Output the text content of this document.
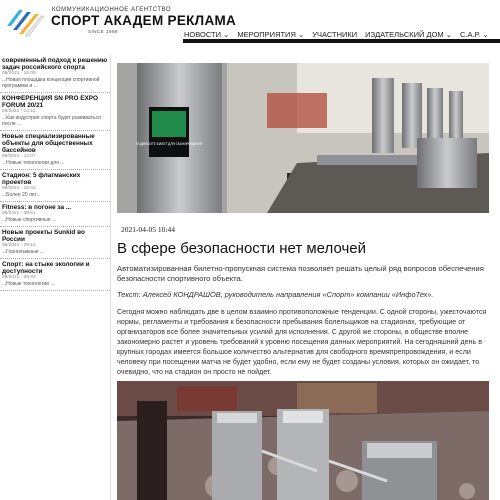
КОММУНИКАЦИОННОЕ АГЕНТСТВО
СПОРТ АКАДЕМ РЕКЛАМА
SINCE 1998	НОВОСТИ ⌄ МЕРОПРИЯТИЯ ⌄ УЧАСТНИКИ ИЗДАТЕЛЬСКИЙ ДОМ ⌄ С.А.Р. ⌄
современный подход к решению задач российского спорта
09/2021 - 16:09
...Новая площадка концепции спортивной программы и ...
КОНФЕРЕНЦИЯ SN PRO EXPO FORUM 20/21
09/2021 - 14:11
...Как индустрия спорта будет развиваться после ...
Новые специализированные объекты для общественных бассейнов
09/2021 - 12:07
...Новые технологии для ...
Стадион: 5 флагманских проектов
09/2021 - 10:42
...Более 20 лет...
Fitness: в погоне за ...
09/2021 - 09:51
...Новые спортивные ...
Новые проекты Sunkid во России
09/2021 - 09:12
...Горнолыжные ...
Спорт: на стыке экологии и доступности
09/2021 - 08:44
...Новые технологии ...
ПОДНЕСИТЕ БИЛЕТ ДЛЯ СКАНИРОВАНИЯ
2021-04-05 10:44
В сфере безопасности нет мелочей

Автоматизированная билетно-пропускная система позволяет решать целый ряд вопросов обеспечения безопасности спортивного объекта.

Текст: Алексей КОНДРАШОВ, руководитель направления «Спорт» компании «ИнфоТех».

Сегодня можно наблюдать две в целом взаимно противоположные тенденции. С одной стороны, ужесточаются нормы, регламенты и требования к безопасности пребывания болельщиков на стадионах, требующие от организаторов все более значительных усилий для исполнения. С другой же стороны, в обществе вполне закономерно растет и уровень требований к уровню посещения данных мероприятий. На сегодняшний день в крупных городах имеется большое количество альтернатив для свободного времяпрепровождения, и если человеку при посещении матча не будет удобно, если ему не будет созданы условия, которых он ожидает, то очевидно, что на стадион он просто не пойдет.
